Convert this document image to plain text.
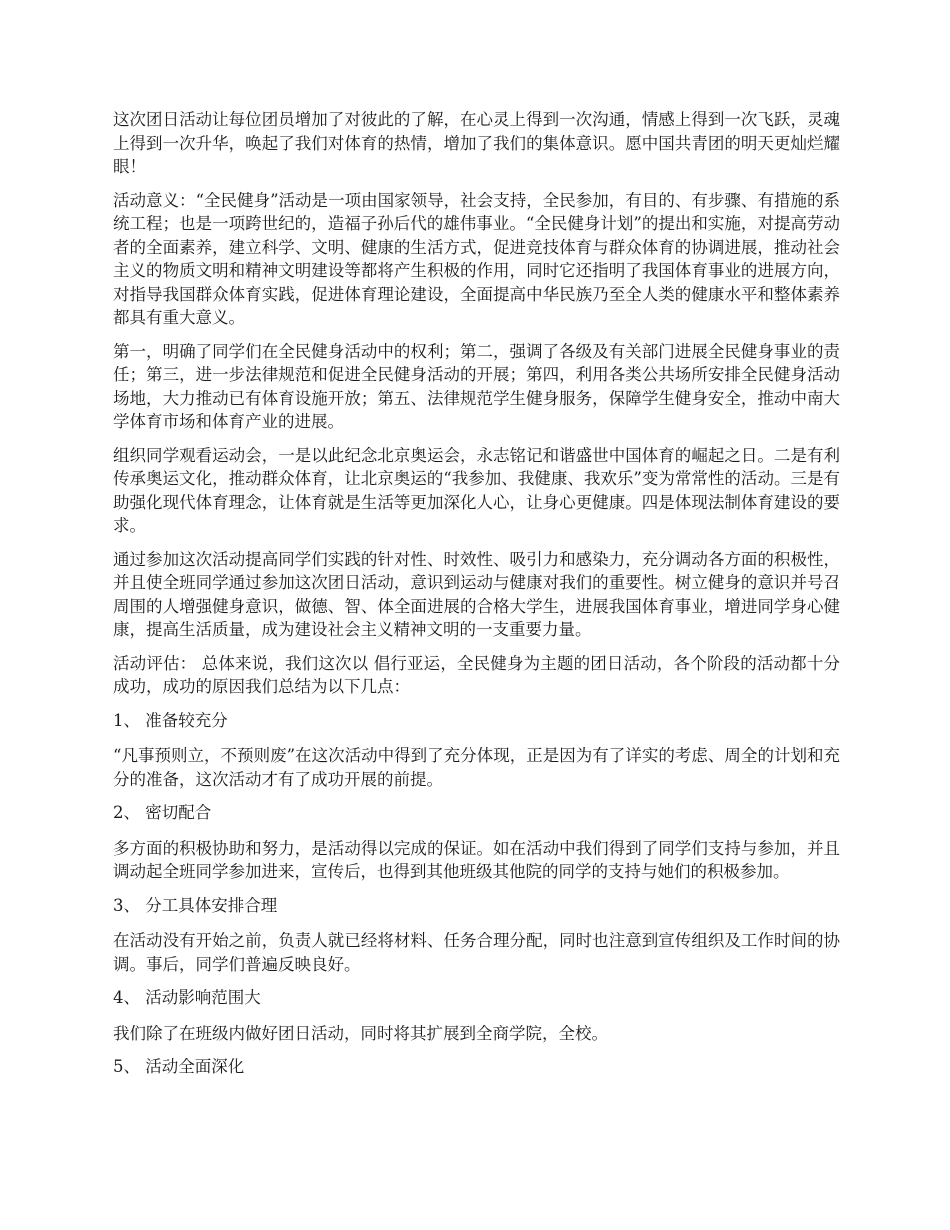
这次团日活动让每位团员增加了对彼此的了解，在心灵上得到一次沟通，情感上得到一次飞跃，灵魂上得到一次升华，唤起了我们对体育的热情，增加了我们的集体意识。愿中国共青团的明天更灿烂耀眼！

活动意义：“全民健身”活动是一项由国家领导，社会支持，全民参加，有目的、有步骤、有措施的系统工程；也是一项跨世纪的，造福子孙后代的雄伟事业。“全民健身计划”的提出和实施，对提高劳动者的全面素养，建立科学、文明、健康的生活方式，促进竞技体育与群众体育的协调进展，推动社会主义的物质文明和精神文明建设等都将产生积极的作用，同时它还指明了我国体育事业的进展方向，对指导我国群众体育实践，促进体育理论建设，全面提高中华民族乃至全人类的健康水平和整体素养都具有重大意义。

第一，明确了同学们在全民健身活动中的权利；第二，强调了各级及有关部门进展全民健身事业的责任；第三，进一步法律规范和促进全民健身活动的开展；第四，利用各类公共场所安排全民健身活动场地，大力推动已有体育设施开放；第五、法律规范学生健身服务，保障学生健身安全，推动中南大学体育市场和体育产业的进展。

组织同学观看运动会，一是以此纪念北京奥运会，永志铭记和谐盛世中国体育的崛起之日。二是有利传承奥运文化，推动群众体育，让北京奥运的“我参加、我健康、我欢乐”变为常常性的活动。三是有助强化现代体育理念，让体育就是生活等更加深化人心，让身心更健康。四是体现法制体育建设的要求。

通过参加这次活动提高同学们实践的针对性、时效性、吸引力和感染力，充分调动各方面的积极性，并且使全班同学通过参加这次团日活动，意识到运动与健康对我们的重要性。树立健身的意识并号召周围的人增强健身意识，做德、智、体全面进展的合格大学生，进展我国体育事业，增进同学身心健康，提高生活质量，成为建设社会主义精神文明的一支重要力量。

活动评估： 总体来说，我们这次以 倡行亚运，全民健身为主题的团日活动，各个阶段的活动都十分成功，成功的原因我们总结为以下几点：

1、 准备较充分

“凡事预则立，不预则废”在这次活动中得到了充分体现，正是因为有了详实的考虑、周全的计划和充分的准备，这次活动才有了成功开展的前提。

2、 密切配合

多方面的积极协助和努力，是活动得以完成的保证。如在活动中我们得到了同学们支持与参加，并且调动起全班同学参加进来，宣传后，也得到其他班级其他院的同学的支持与她们的积极参加。

3、 分工具体安排合理

在活动没有开始之前，负责人就已经将材料、任务合理分配，同时也注意到宣传组织及工作时间的协调。事后，同学们普遍反映良好。

4、 活动影响范围大

我们除了在班级内做好团日活动，同时将其扩展到全商学院，全校。

5、 活动全面深化
